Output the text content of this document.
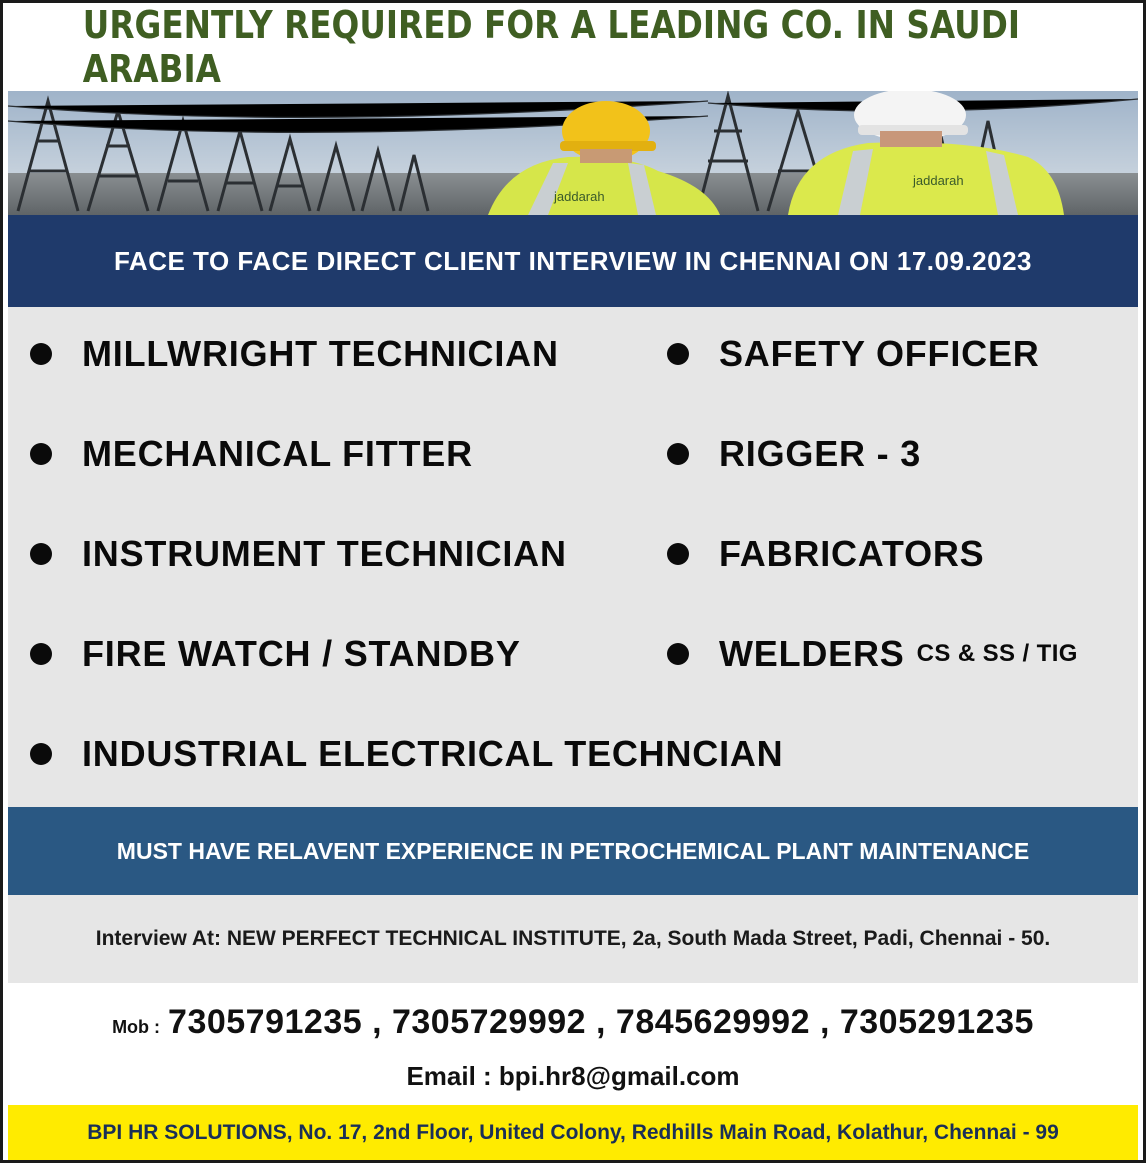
URGENTLY REQUIRED FOR A LEADING CO. IN SAUDI ARABIA
jaddarah
jaddarah
FACE TO FACE DIRECT CLIENT INTERVIEW IN CHENNAI ON 17.09.2023
MILLWRIGHT TECHNICIAN
MECHANICAL FITTER
INSTRUMENT TECHNICIAN
FIRE WATCH / STANDBY
INDUSTRIAL ELECTRICAL TECHNCIAN
SAFETY OFFICER
RIGGER - 3
FABRICATORS
WELDERS CS & SS / TIG
MUST HAVE RELAVENT EXPERIENCE IN PETROCHEMICAL PLANT MAINTENANCE
Interview At: NEW PERFECT TECHNICAL INSTITUTE, 2a, South Mada Street, Padi, Chennai - 50.
Mob : 7305791235 , 7305729992 , 7845629992 , 7305291235
Email : bpi.hr8@gmail.com
BPI HR SOLUTIONS, No. 17, 2nd Floor, United Colony, Redhills Main Road, Kolathur, Chennai - 99
